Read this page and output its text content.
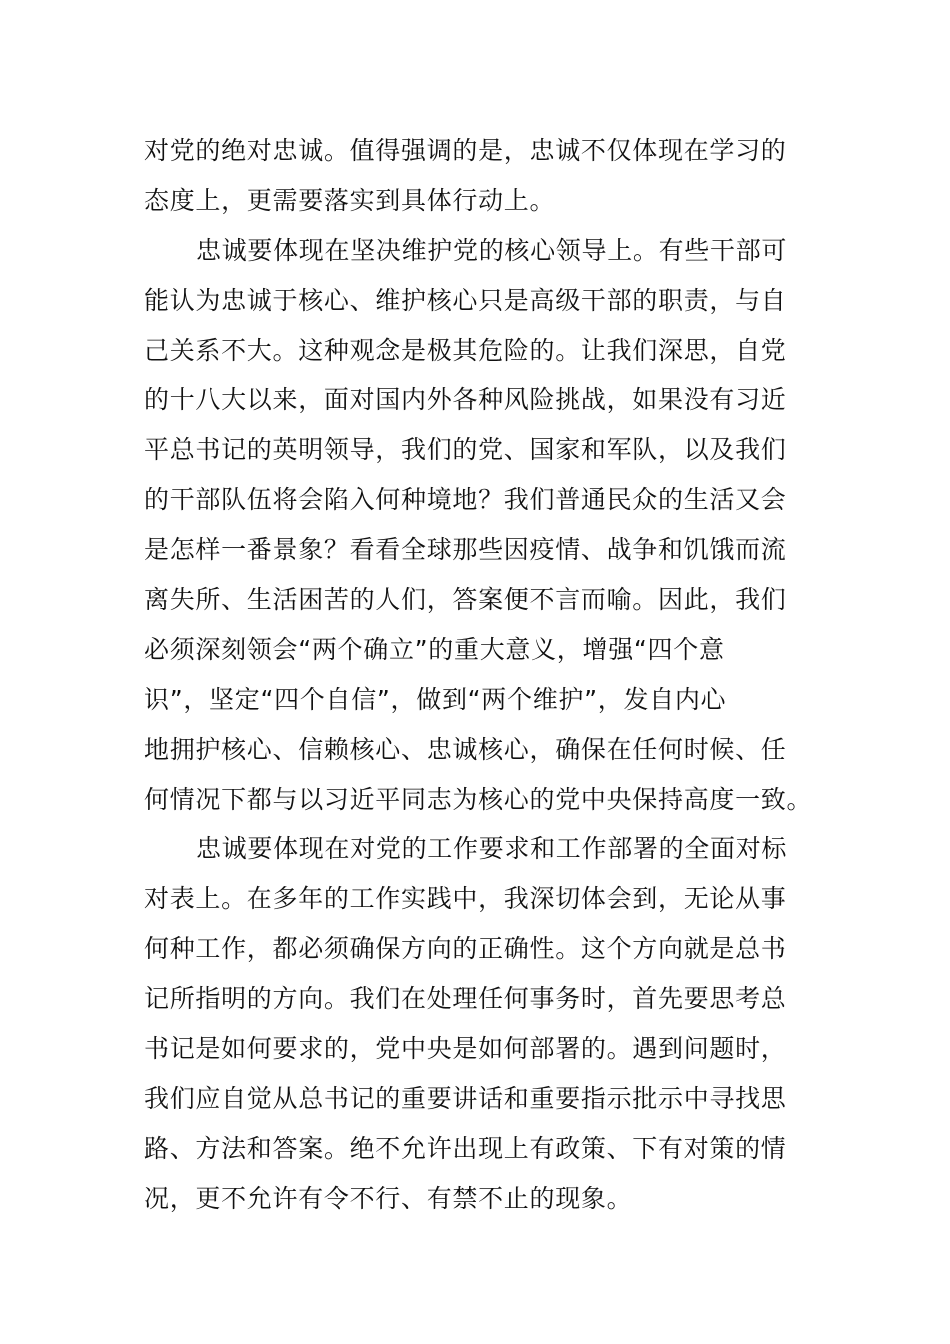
对党的绝对忠诚。值得强调的是，忠诚不仅体现在学习的
态度上，更需要落实到具体行动上。
忠诚要体现在坚决维护党的核心领导上。有些干部可
能认为忠诚于核心、维护核心只是高级干部的职责，与自
己关系不大。这种观念是极其危险的。让我们深思，自党
的十八大以来，面对国内外各种风险挑战，如果没有习近
平总书记的英明领导，我们的党、国家和军队，以及我们
的干部队伍将会陷入何种境地？我们普通民众的生活又会
是怎样一番景象？看看全球那些因疫情、战争和饥饿而流
离失所、生活困苦的人们，答案便不言而喻。因此，我们
必须深刻领会“两个确立”的重大意义，增强“四个意
识”，坚定“四个自信”，做到“两个维护”，发自内心
地拥护核心、信赖核心、忠诚核心，确保在任何时候、任
何情况下都与以习近平同志为核心的党中央保持高度一致。
忠诚要体现在对党的工作要求和工作部署的全面对标
对表上。在多年的工作实践中，我深切体会到，无论从事
何种工作，都必须确保方向的正确性。这个方向就是总书
记所指明的方向。我们在处理任何事务时，首先要思考总
书记是如何要求的，党中央是如何部署的。遇到问题时，
我们应自觉从总书记的重要讲话和重要指示批示中寻找思
路、方法和答案。绝不允许出现上有政策、下有对策的情
况，更不允许有令不行、有禁不止的现象。
